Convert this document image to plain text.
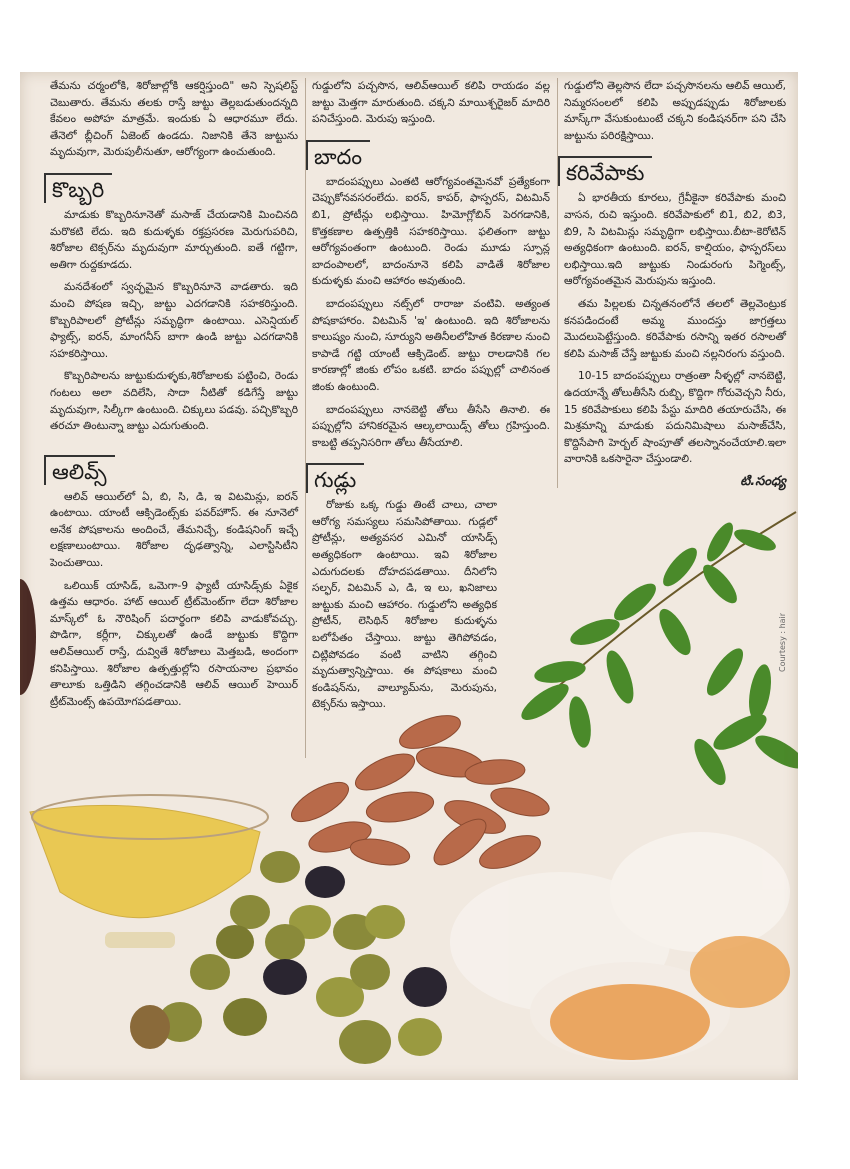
తేమను చర్మంలోకి, శిరోజాల్లోకి ఆకర్షిస్తుంది" అని స్పెషలిస్ట్ చెబుతారు. తేమను తలకు రాస్తే జుట్టు తెల్లబడుతుందన్నది కేవలం అపోహ మాత్రమే. ఇందుకు ఏ ఆధారమూ లేదు. తేనెలో బ్లీచింగ్ ఏజెంట్ ఉండదు. నిజానికి తేనె జుట్టును మృదువుగా, మెరుపులీనుతూ, ఆరోగ్యంగా ఉంచుతుంది.

కొబ్బరి

మాడుకు కొబ్బరినూనెతో మసాజ్ చేయడానికి మించినది మరొకటి లేదు. ఇది కుదుళ్ళకు రక్తప్రసరణ మెరుగుపరిచి, శిరోజాల టెక్సర్‌ను మృదువుగా మార్చుతుంది. ఐతే గట్టిగా, అతిగా రుద్దకూడదు.

మనదేశంలో స్వచ్ఛమైన కొబ్బరినూనె వాడతారు. ఇది మంచి పోషణ ఇచ్చి, జుట్టు ఎదగడానికి సహకరిస్తుంది. కొబ్బరిపాలలో ప్రోటీన్లు సమృద్ధిగా ఉంటాయి. ఎసెన్షియల్ ఫ్యాట్స్, ఐరన్, మాంగనీస్ బాగా ఉండి జుట్టు ఎదగడానికి సహకరిస్తాయి.

కొబ్బరిపాలను జుట్టుకుదుళ్ళకు,శిరోజాలకు పట్టించి, రెండు గంటలు అలా వదిలేసి, సాదా నీటితో కడిగేస్తే జుట్టు మృదువుగా, సిల్కీగా ఉంటుంది. చిక్కులు పడవు. పచ్చికొబ్బరి తరచూ తింటున్నా జుట్టు ఎదుగుతుంది.

ఆలివ్స్

ఆలివ్ ఆయిల్‌లో ఏ, బి, సి, డి, ఇ విటమిన్లు, ఐరన్ ఉంటాయి. యాంటీ ఆక్సిడెంట్స్‌కు పవర్‌హౌస్. ఈ నూనెలో అనేక పోషకాలను అందించే, తేమనిచ్చే, కండిషనింగ్ ఇచ్చే లక్షణాలుంటాయి. శిరోజాల దృఢత్వాన్ని, ఎలాస్టిసిటీని పెంచుతాయి.

ఒలియిక్ యాసిడ్, ఒమెగా-9 ఫ్యాటీ యాసిడ్స్‌కు ఏకైక ఉత్తమ ఆధారం. హాట్ ఆయిల్ ట్రీట్‌మెంట్‌గా లేదా శిరోజాల మాస్క్‌లో ఓ నౌరిషింగ్ పదార్థంగా కలిపి వాడుకోవచ్చు. పొడిగా, కర్లీగా, చిక్కులతో ఉండే జుట్టుకు కొద్దిగా ఆలివ్‌ఆయిల్ రాస్తే, దువ్వితే శిరోజాలు మెత్తబడి, అందంగా కనిపిస్తాయి. శిరోజాల ఉత్పత్తుల్లోని రసాయనాల ప్రభావం తాలూకు ఒత్తిడిని తగ్గించడానికి ఆలివ్ ఆయిల్ హెయిర్ ట్రీట్‌మెంట్స్ ఉపయోగపడతాయి.

గుడ్డులోని పచ్చసొన, ఆలివ్‌ఆయిల్ కలిపి రాయడం వల్ల జుట్టు మెత్తగా మారుతుంది. చక్కని మాయిశ్చరైజర్ మాదిరి పనిచేస్తుంది. మెరుపు ఇస్తుంది.

బాదం

బాదంపప్పులు ఎంతటి ఆరోగ్యవంతమైనవో ప్రత్యేకంగా చెప్పుకోనవసరంలేదు. ఐరన్, కాపర్, ఫాస్పరస్, విటమిన్ బి1, ప్రోటీన్లు లభిస్తాయి. హిమోగ్లోబిన్ పెరగడానికి, కొత్తకణాల ఉత్పత్తికి సహకరిస్తాయి. ఫలితంగా జుట్టు ఆరోగ్యవంతంగా ఉంటుంది. రెండు మూడు స్పూన్ల బాదంపాలలో, బాదంనూనె కలిపి వాడితే శిరోజాల కుదుళ్ళకు మంచి ఆహారం అవుతుంది.

బాదంపప్పులు నట్స్‌లో రారాజు వంటివి. అత్యంత పోషకాహారం. విటమిన్ 'ఇ' ఉంటుంది. ఇది శిరోజాలను కాలుష్యం నుంచి, సూర్యుని అతినీలలోహిత కిరణాల నుంచి కాపాడే గట్టి యాంటీ ఆక్సిడెంట్. జుట్టు రాలడానికి గల కారణాల్లో జింకు లోపం ఒకటి. బాదం పప్పుల్లో చాలినంత జింకు ఉంటుంది.

బాదంపప్పులు నానబెట్టి తోలు తీసేసి తినాలి. ఈ పప్పుల్లోని హానికరమైన ఆల్కలాయిడ్స్ తోలు గ్రహిస్తుంది. కాబట్టి తప్పనిసరిగా తోలు తీసేయాలి.

గుడ్లు

రోజుకు ఒక్క గుడ్డు తింటే చాలు, చాలా ఆరోగ్య సమస్యలు సమసిపోతాయి. గుడ్లలో ప్రోటీన్లు, అత్యవసర ఎమినో యాసిడ్స్ అత్యధికంగా ఉంటాయి. ఇవి శిరోజాల ఎదుగుదలకు దోహదపడతాయి. దీనిలోని సల్ఫర్, విటమిన్ ఎ, డి, ఇ లు, ఖనిజాలు జుట్టుకు మంచి ఆహారం. గుడ్డులోని అత్యధిక ప్రోటీన్, లెసిథిన్ శిరోజాల కుదుళ్ళను బలోపేతం చేస్తాయి. జుట్టు తెగిపోవడం, చిట్లిపోవడం వంటి వాటిని తగ్గించి మృదుత్వాన్నిస్తాయి. ఈ పోషకాలు మంచి కండిషన్‌ను, వాల్యూమ్‌ను, మెరుపును, టెక్సర్‌ను ఇస్తాయి.

గుడ్డులోని తెల్లసొన లేదా పచ్చసొనలను ఆలివ్ ఆయిల్, నిమ్మరసంలలో కలిపి అప్పుడప్పుడు శిరోజాలకు మాస్క్‌గా వేసుకుంటుంటే చక్కని కండిషనర్‌గా పని చేసి జుట్టును పరిరక్షిస్తాయి.

కరివేపాకు

ఏ భారతీయ కూరలు, గ్రేవీకైనా కరివేపాకు మంచి వాసన, రుచి ఇస్తుంది. కరివేపాకులో బి1, బి2, బి3, బి9, సి విటమిన్లు సమృద్ధిగా లభిస్తాయి.బీటా-కెరోటిన్ అత్యధికంగా ఉంటుంది. ఐరన్, కాల్షియం, ఫాస్పరస్‌లు లభిస్తాయి.ఇది జుట్టుకు నిండురంగు పిగ్మెంట్స్, ఆరోగ్యవంతమైన మెరుపును ఇస్తుంది.

తమ పిల్లలకు చిన్నతనంలోనే తలలో తెల్లవెంట్రుక కనపడిందంటే అమ్మ ముందస్తు జాగ్రత్తలు మొదలుపెట్టేస్తుంది. కరివేపాకు రసాన్ని ఇతర రసాలతో కలిపి మసాజ్ చేస్తే జుట్టుకు మంచి నల్లనిరంగు వస్తుంది.

10-15 బాదంపప్పులు రాత్రంతా నీళ్ళల్లో నానబెట్టి, ఉదయాన్నే తోలుతీసేసి రుబ్బి, కొద్దిగా గోరువెచ్చని నీరు, 15 కరివేపాకులు కలిపి పేస్టు మాదిరి తయారుచేసి, ఈ మిశ్రమాన్ని మాడుకు పదునిమిషాలు మసాజ్‌చేసి, కొద్దిసేపాగి హెర్బల్ షాంపూతో తలస్నానంచేయాలి.ఇలా వారానికి ఒకసారైనా చేస్తుండాలి.

టి.సంధ్య
Courtesy : hair
